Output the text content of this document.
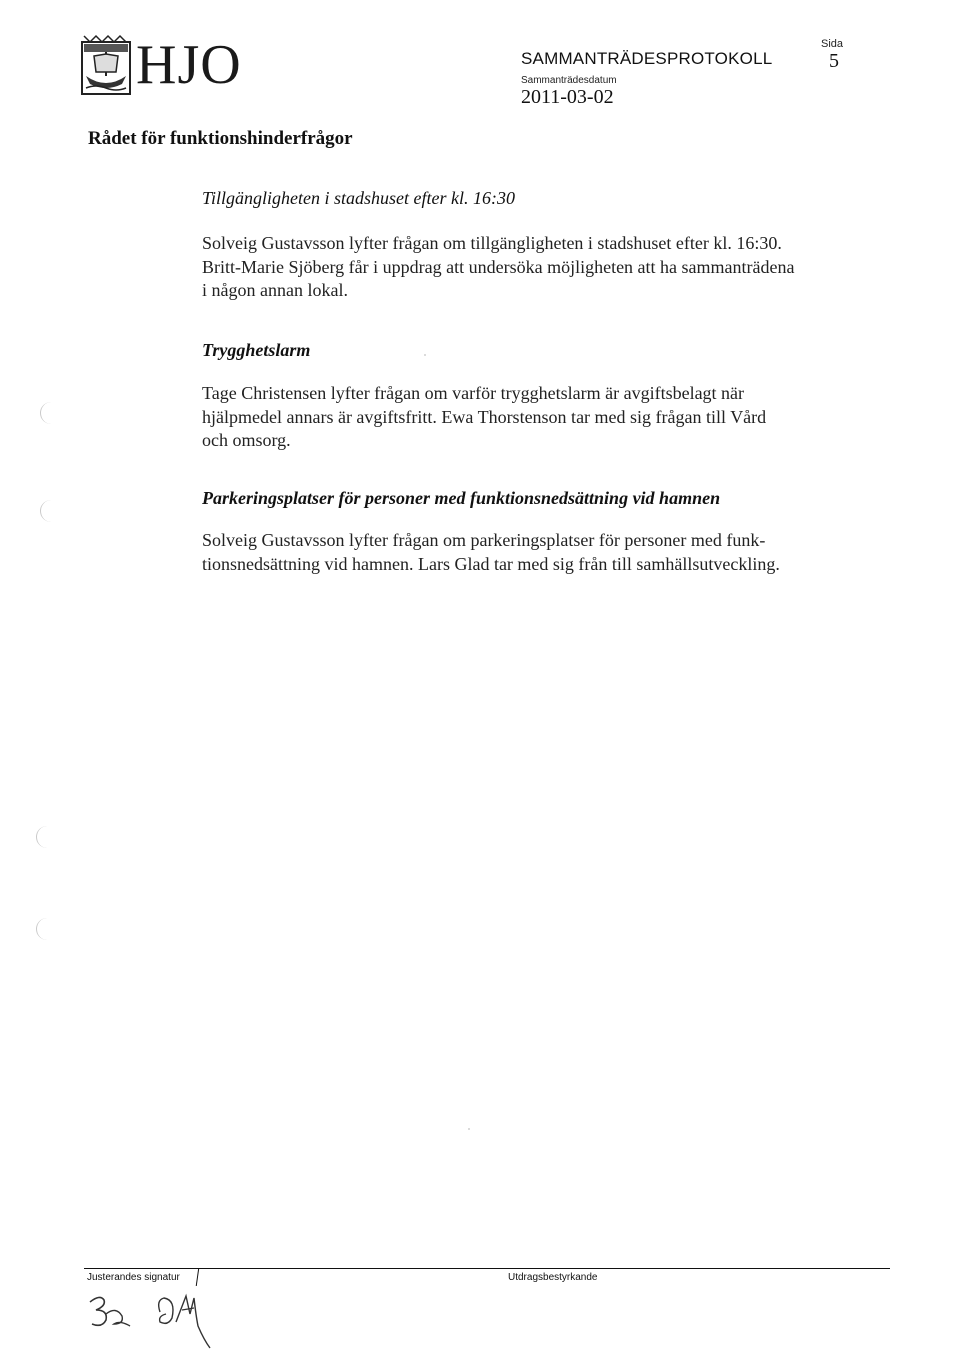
HJO	SAMMANTRÄDESPROTOKOLL
Sammanträdesdatum
2011-03-02
Sida
5
Rådet för funktionshinderfrågor
Tillgängligheten i stadshuset efter kl. 16:30

Solveig Gustavsson lyfter frågan om tillgängligheten i stadshuset efter kl. 16:30.
Britt-Marie Sjöberg får i uppdrag att undersöka möjligheten att ha sammanträdena
i någon annan lokal.

Trygghetslarm

Tage Christensen lyfter frågan om varför trygghetslarm är avgiftsbelagt när
hjälpmedel annars är avgiftsfritt. Ewa Thorstenson tar med sig frågan till Vård
och omsorg.

Parkeringsplatser för personer med funktionsnedsättning vid hamnen

Solveig Gustavsson lyfter frågan om parkeringsplatser för personer med funk-
tionsnedsättning vid hamnen. Lars Glad tar med sig från till samhällsutveckling.

Justerandes signatur	Utdragsbestyrkande
